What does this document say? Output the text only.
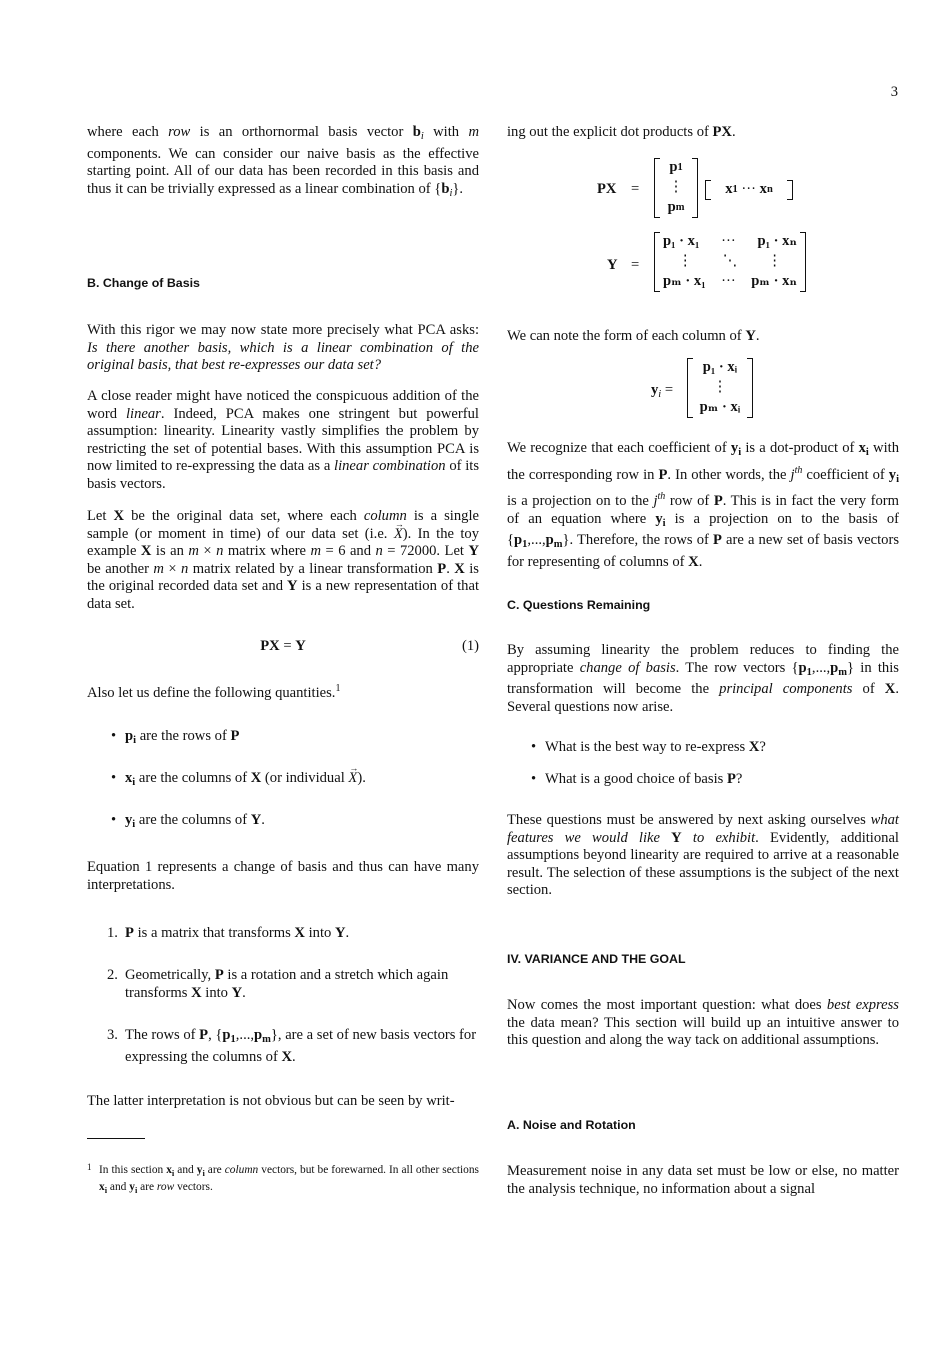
3

where each row is an orthornormal basis vector $b_i$ with m components. We can consider our naive basis as the effective starting point. All of our data has been recorded in this basis and thus it can be trivially expressed as a linear combination of $\{b_i\}$.

B. Change of Basis

With this rigor we may now state more precisely what PCA asks: Is there another basis, which is a linear combination of the original basis, that best re-expresses our data set?

A close reader might have noticed the conspicuous addition of the word linear. Indeed, PCA makes one stringent but powerful assumption: linearity. Linearity vastly simplifies the problem by restricting the set of potential bases. With this assumption PCA is now limited to re-expressing the data as a linear combination of its basis vectors.

Let X be the original data set, where each column is a single sample (or moment in time) of our data set (i.e. → X). In the toy example X is an m × n matrix where m = 6 and n = 72000. Let Y be another m × n matrix related by a linear transformation P. X is the original recorded data set and Y is a new representation of that data set.

PX = Y	(1)

Also let us define the following quantities.$^1$

• $p_i$ are the rows of P
• $x_i$ are the columns of X (or individual → X).
• $y_i$ are the columns of Y.

Equation 1 represents a change of basis and thus can have many interpretations.

1. P is a matrix that transforms X into Y.
2. Geometrically, P is a rotation and a stretch which again transforms X into Y.
3. The rows of P, $\{p_1,...,p_m\}$, are a set of new basis vectors for expressing the columns of X.

The latter interpretation is not obvious but can be seen by writ-

1 In this section $x_i$ and $y_i$ are column vectors, but be forewarned. In all other sections $x_i$ and $y_i$ are row vectors.

ing out the explicit dot products of PX.

PX =
p 1
⋮
p m
x 1
···
x n
Y =
p₁ · x₁ ··· p₁ · xₙ
⋮ ⋱ ⋮
pₘ · x₁ ··· pₘ · xₙ

We can note the form of each column of Y.

$y_i$ =
p₁ · xᵢ
⋮
pₘ · xᵢ

We recognize that each coefficient of $y_i$ is a dot-product of $x_i$ with the corresponding row in P. In other words, the $j^{th}$ coefficient of $y_i$ is a projection on to the $j^{th}$ row of P. This is in fact the very form of an equation where $y_i$ is a projection on to the basis of $\{p_1,...,p_m\}$. Therefore, the rows of P are a new set of basis vectors for representing of columns of X.

C. Questions Remaining

By assuming linearity the problem reduces to finding the appropriate change of basis. The row vectors $\{p_1,...,p_m\}$ in this transformation will become the principal components of X. Several questions now arise.

• What is the best way to re-express X?
• What is a good choice of basis P?

These questions must be answered by next asking ourselves what features we would like Y to exhibit. Evidently, additional assumptions beyond linearity are required to arrive at a reasonable result. The selection of these assumptions is the subject of the next section.

IV. VARIANCE AND THE GOAL

Now comes the most important question: what does best express the data mean? This section will build up an intuitive answer to this question and along the way tack on additional assumptions.

A. Noise and Rotation

Measurement noise in any data set must be low or else, no matter the analysis technique, no information about a signal
